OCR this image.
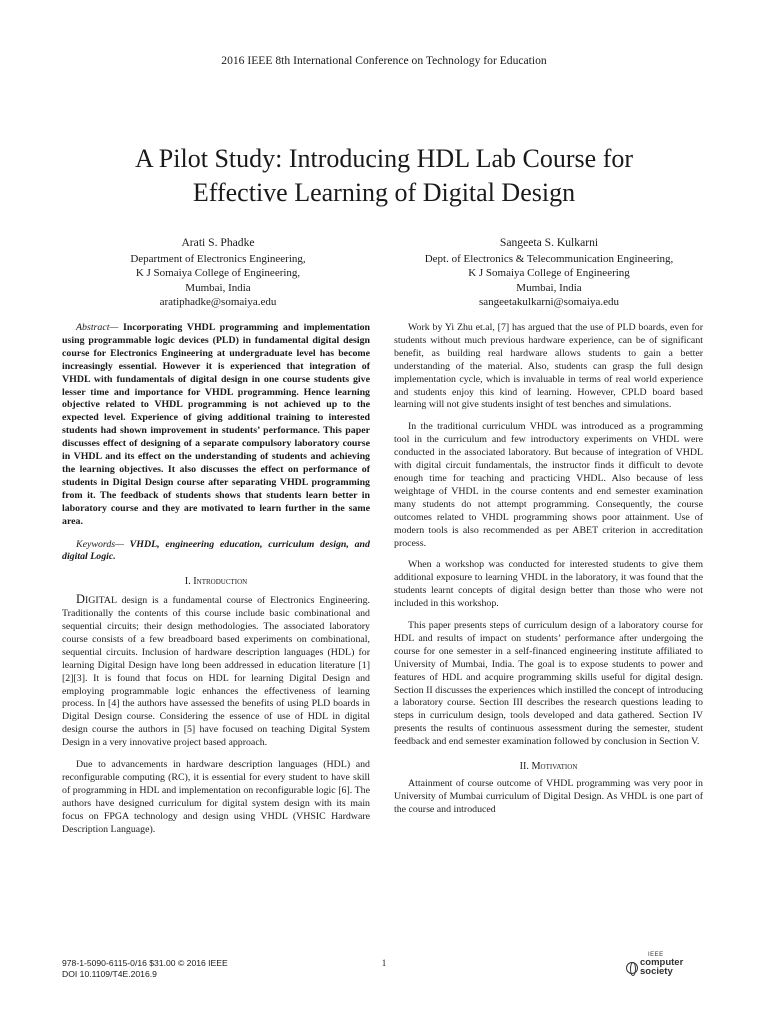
2016 IEEE 8th International Conference on Technology for Education
A Pilot Study: Introducing HDL Lab Course for
Effective Learning of Digital Design
Arati S. Phadke
Department of Electronics Engineering,
K J Somaiya College of Engineering,
Mumbai, India
aratiphadke@somaiya.edu
Sangeeta S. Kulkarni
Dept. of Electronics & Telecommunication Engineering,
K J Somaiya College of Engineering
Mumbai, India
sangeetakulkarni@somaiya.edu
Abstract— Incorporating VHDL programming and implementation using programmable logic devices (PLD) in fundamental digital design course for Electronics Engineering at undergraduate level has become increasingly essential. However it is experienced that integration of VHDL with fundamentals of digital design in one course students give lesser time and importance for VHDL programming. Hence learning objective related to VHDL programming is not achieved up to the expected level. Experience of giving additional training to interested students had shown improvement in students’ performance. This paper discusses effect of designing of a separate compulsory laboratory course in VHDL and its effect on the understanding of students and achieving the learning objectives. It also discusses the effect on performance of students in Digital Design course after separating VHDL programming from it. The feedback of students shows that students learn better in laboratory course and they are motivated to learn further in the same area.
Keywords— VHDL, engineering education, curriculum design, and digital Logic.
I. Introduction

DIGITAL design is a fundamental course of Electronics Engineering. Traditionally the contents of this course include basic combinational and sequential circuits; their design methodologies. The associated laboratory course consists of a few breadboard based experiments on combinational, sequential circuits. Inclusion of hardware description languages (HDL) for learning Digital Design have long been addressed in education literature [1][2][3]. It is found that focus on HDL for learning Digital Design and employing programmable logic enhances the effectiveness of learning process. In [4] the authors have assessed the benefits of using PLD boards in Digital Design course. Considering the essence of use of HDL in digital design course the authors in [5] have focused on teaching Digital System Design in a very innovative project based approach.

Due to advancements in hardware description languages (HDL) and reconfigurable computing (RC), it is essential for every student to have skill of programming in HDL and implementation on reconfigurable logic [6]. The authors have designed curriculum for digital system design with its main focus on FPGA technology and design using VHDL (VHSIC Hardware Description Language).

Work by Yi Zhu et.al, [7] has argued that the use of PLD boards, even for students without much previous hardware experience, can be of significant benefit, as building real hardware allows students to gain a better understanding of the material. Also, students can grasp the full design implementation cycle, which is invaluable in terms of real world experience and students enjoy this kind of learning. However, CPLD board based learning will not give students insight of test benches and simulations.

In the traditional curriculum VHDL was introduced as a programming tool in the curriculum and few introductory experiments on VHDL were conducted in the associated laboratory. But because of integration of VHDL with digital circuit fundamentals, the instructor finds it difficult to devote enough time for teaching and practicing VHDL. Also because of less weightage of VHDL in the course contents and end semester examination many students do not attempt programming. Consequently, the course outcomes related to VHDL programming shows poor attainment. Use of modern tools is also recommended as per ABET criterion in accreditation process.

When a workshop was conducted for interested students to give them additional exposure to learning VHDL in the laboratory, it was found that the students learnt concepts of digital design better than those who were not included in this workshop.

This paper presents steps of curriculum design of a laboratory course for HDL and results of impact on students’ performance after undergoing the course for one semester in a self-financed engineering institute affiliated to University of Mumbai, India. The goal is to expose students to power and features of HDL and acquire programming skills useful for digital design. Section II discusses the experiences which instilled the concept of introducing a laboratory course. Section III describes the research questions leading to steps in curriculum design, tools developed and data gathered. Section IV presents the results of continuous assessment during the semester, student feedback and end semester examination followed by conclusion in Section V.

II. Motivation

Attainment of course outcome of VHDL programming was very poor in University of Mumbai curriculum of Digital Design. As VHDL is one part of the course and introduced

978-1-5090-6115-0/16 $31.00 © 2016 IEEE
DOI 10.1109/T4E.2016.9
1
IEEE
computer
society
